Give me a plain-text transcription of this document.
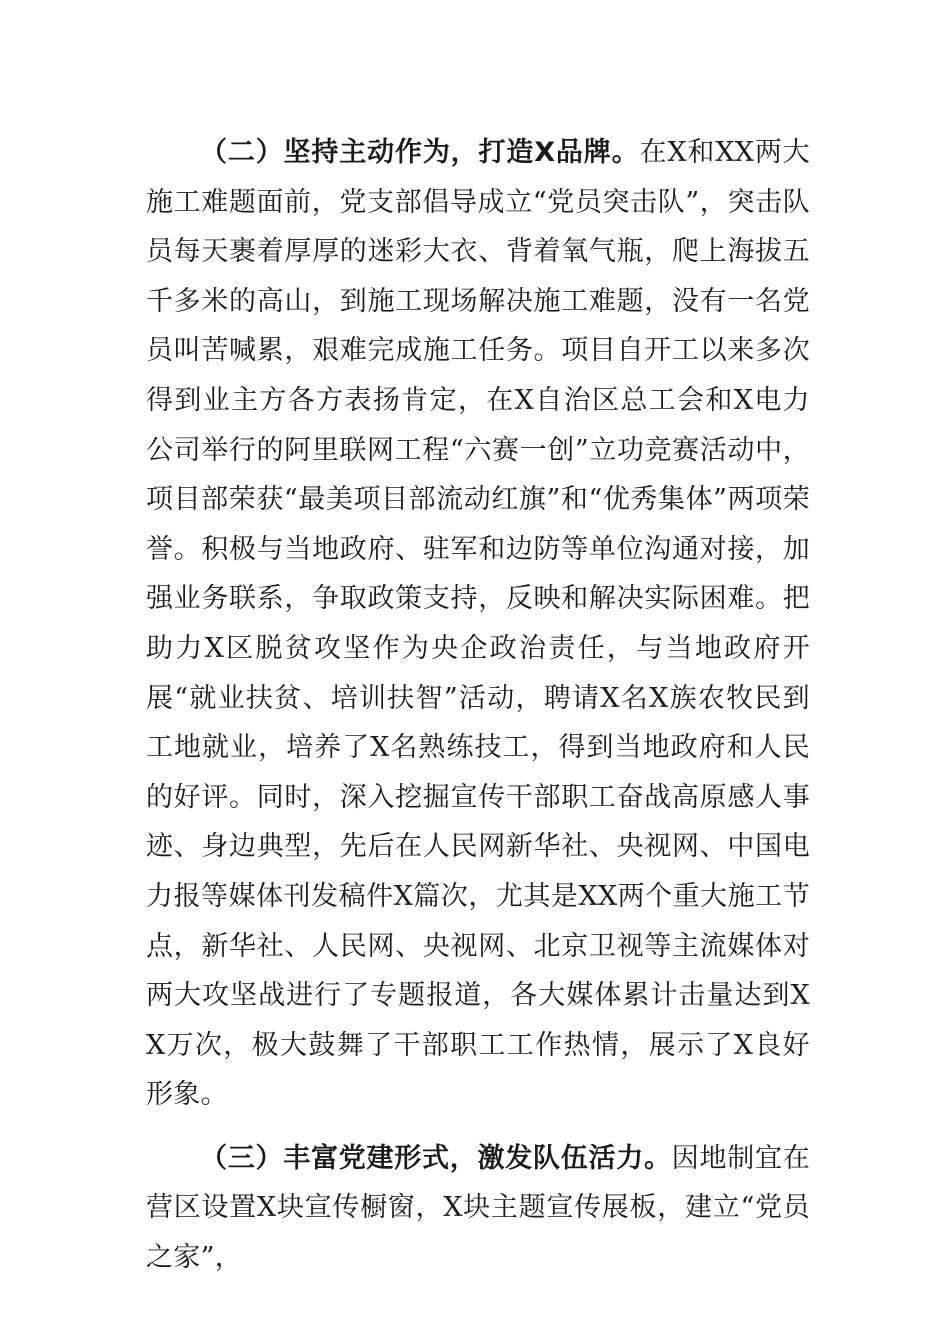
（二）坚持主动作为，打造X品牌。在X和XX两大施工难题面前，党支部倡导成立“党员突击队”，突击队员每天裹着厚厚的迷彩大衣、背着氧气瓶，爬上海拔五千多米的高山，到施工现场解决施工难题，没有一名党员叫苦喊累，艰难完成施工任务。项目自开工以来多次得到业主方各方表扬肯定，在X自治区总工会和X电力公司举行的阿里联网工程“六赛一创”立功竞赛活动中，项目部荣获“最美项目部流动红旗”和“优秀集体”两项荣誉。积极与当地政府、驻军和边防等单位沟通对接，加强业务联系，争取政策支持，反映和解决实际困难。把助力X区脱贫攻坚作为央企政治责任，与当地政府开展“就业扶贫、培训扶智”活动，聘请X名X族农牧民到工地就业，培养了X名熟练技工，得到当地政府和人民的好评。同时，深入挖掘宣传干部职工奋战高原感人事迹、身边典型，先后在人民网新华社、央视网、中国电力报等媒体刊发稿件X篇次，尤其是XX两个重大施工节点，新华社、人民网、央视网、北京卫视等主流媒体对两大攻坚战进行了专题报道，各大媒体累计击量达到XX万次，极大鼓舞了干部职工工作热情，展示了X良好形象。

（三）丰富党建形式，激发队伍活力。因地制宜在营区设置X块宣传橱窗，X块主题宣传展板，建立“党员之家”，
